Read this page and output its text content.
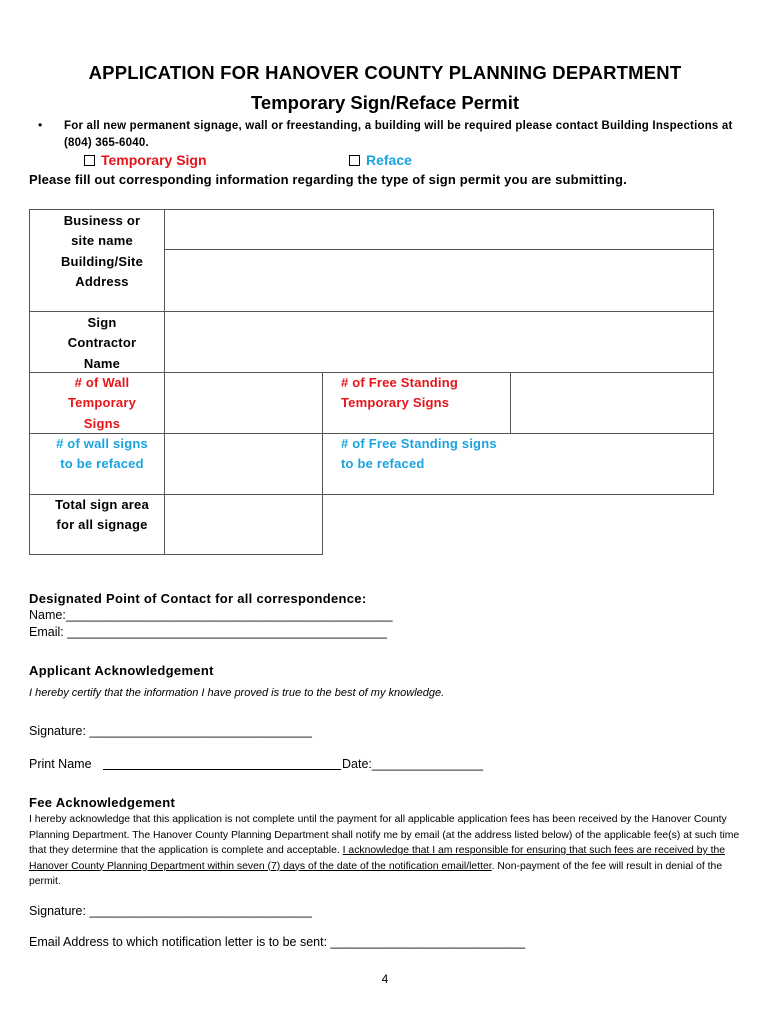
APPLICATION FOR HANOVER COUNTY PLANNING DEPARTMENT
Temporary Sign/Reface Permit
• For all new permanent signage, wall or freestanding, a building will be required please contact Building Inspections at (804) 365-6040.
Temporary Sign	Reface
Please fill out corresponding information regarding the type of sign permit you are submitting.
Business or site name
Building/Site Address
Sign Contractor Name
# of Wall Temporary Signs
# of wall signs to be refaced
Total sign area for all signage
# of Free Standing Temporary Signs
# of Free Standing signs to be refaced
Designated Point of Contact for all correspondence:
Name:_______________________________________________
Email: ______________________________________________
Applicant Acknowledgement
I hereby certify that the information I have proved is true to the best of my knowledge.
Signature: ________________________________
Print Name	Date:________________
Fee Acknowledgement
I hereby acknowledge that this application is not complete until the payment for all applicable application fees has been received by the Hanover County Planning Department. The Hanover County Planning Department shall notify me by email (at the address listed below) of the applicable fee(s) at such time that they determine that the application is complete and acceptable. I acknowledge that I am responsible for ensuring that such fees are received by the Hanover County Planning Department within seven (7) days of the date of the notification email/letter. Non-payment of the fee will result in denial of the permit.
Signature: ________________________________
Email Address to which notification letter is to be sent: ____________________________
4
